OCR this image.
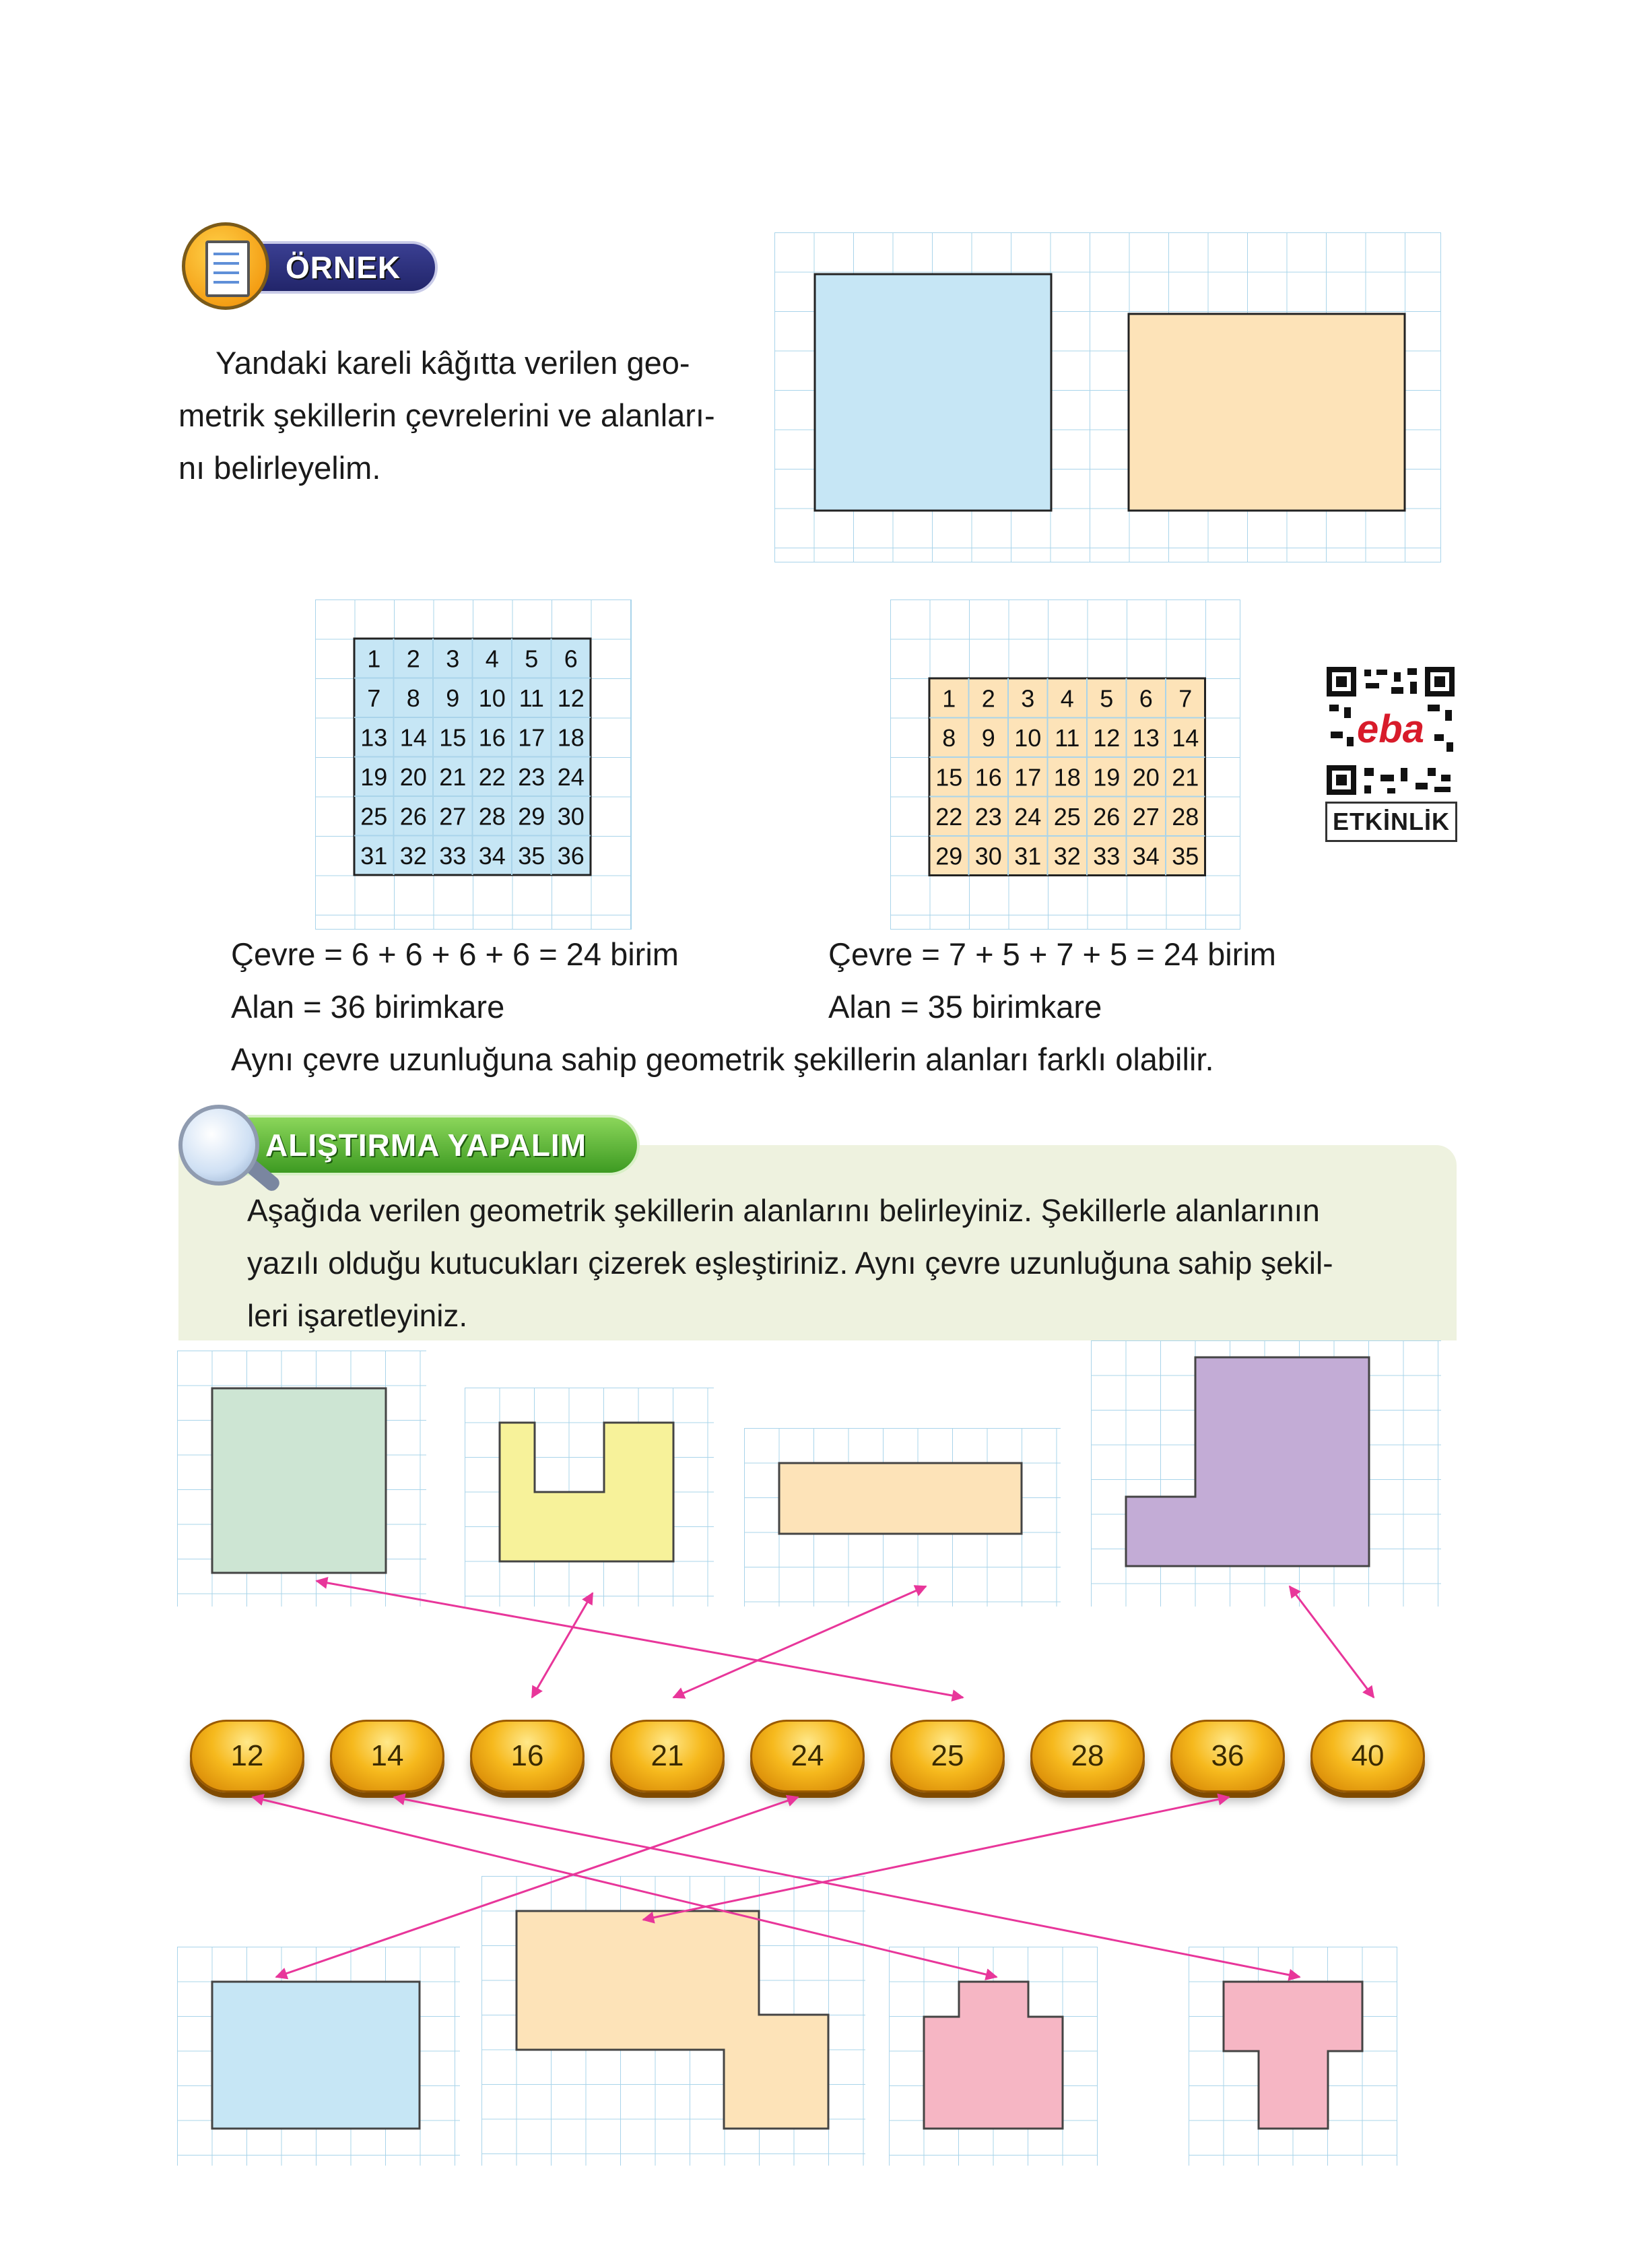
ÖRNEK
Yandaki kareli kâğıtta verilen geo-
metrik şekillerin çevrelerini ve alanları-
nı belirleyelim.
1 2 3 4 5 6
7 8 9 10 11 12
13 14 15 16 17 18
19 20 21 22 23 24
25 26 27 28 29 30
31 32 33 34 35 36
1 2 3 4 5 6 7
8 9 10 11 12 13 14
15 16 17 18 19 20 21
22 23 24 25 26 27 28
29 30 31 32 33 34 35
eba
ETKİNLİK
Çevre = 6 + 6 + 6 + 6 = 24 birim
Alan = 36 birimkare
Çevre = 7 + 5 + 7 + 5 = 24 birim
Alan = 35 birimkare
Aynı çevre uzunluğuna sahip geometrik şekillerin alanları farklı olabilir.
ALIŞTIRMA YAPALIM
Aşağıda verilen geometrik şekillerin alanlarını belirleyiniz. Şekillerle alanlarının
yazılı olduğu kutucukları çizerek eşleştiriniz. Aynı çevre uzunluğuna sahip şekil-
leri işaretleyiniz.
12	14	16	21	24	25	28	36	40
